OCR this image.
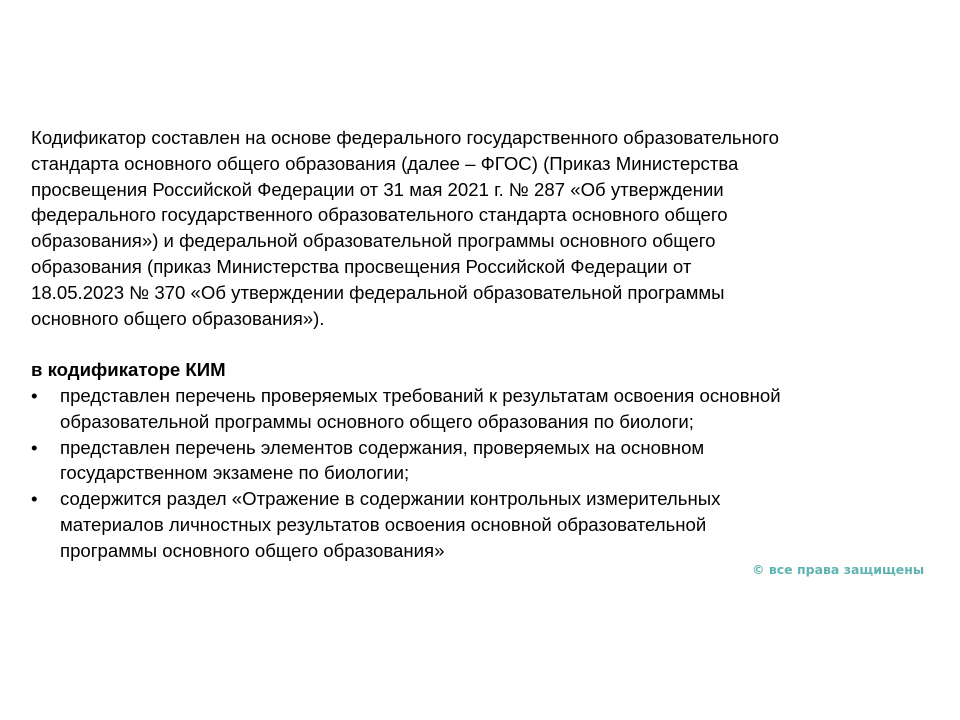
Кодификатор составлен на основе федерального государственного образовательного
стандарта основного общего образования (далее – ФГОС) (Приказ Министерства
просвещения Российской Федерации от 31 мая 2021 г. № 287 «Об утверждении
федерального государственного образовательного стандарта основного общего
образования») и федеральной образовательной программы основного общего
образования (приказ Министерства просвещения Российской Федерации от
18.05.2023 № 370 «Об утверждении федеральной образовательной программы
основного общего образования»).

в кодификаторе КИМ

• представлен перечень проверяемых требований к результатам освоения основной
образовательной программы основного общего образования по биологи;
• представлен перечень элементов содержания, проверяемых на основном
государственном экзамене по биологии;
• содержится раздел «Отражение в содержании контрольных измерительных
материалов личностных результатов освоения основной образовательной
программы основного общего образования»
© все права защищены
